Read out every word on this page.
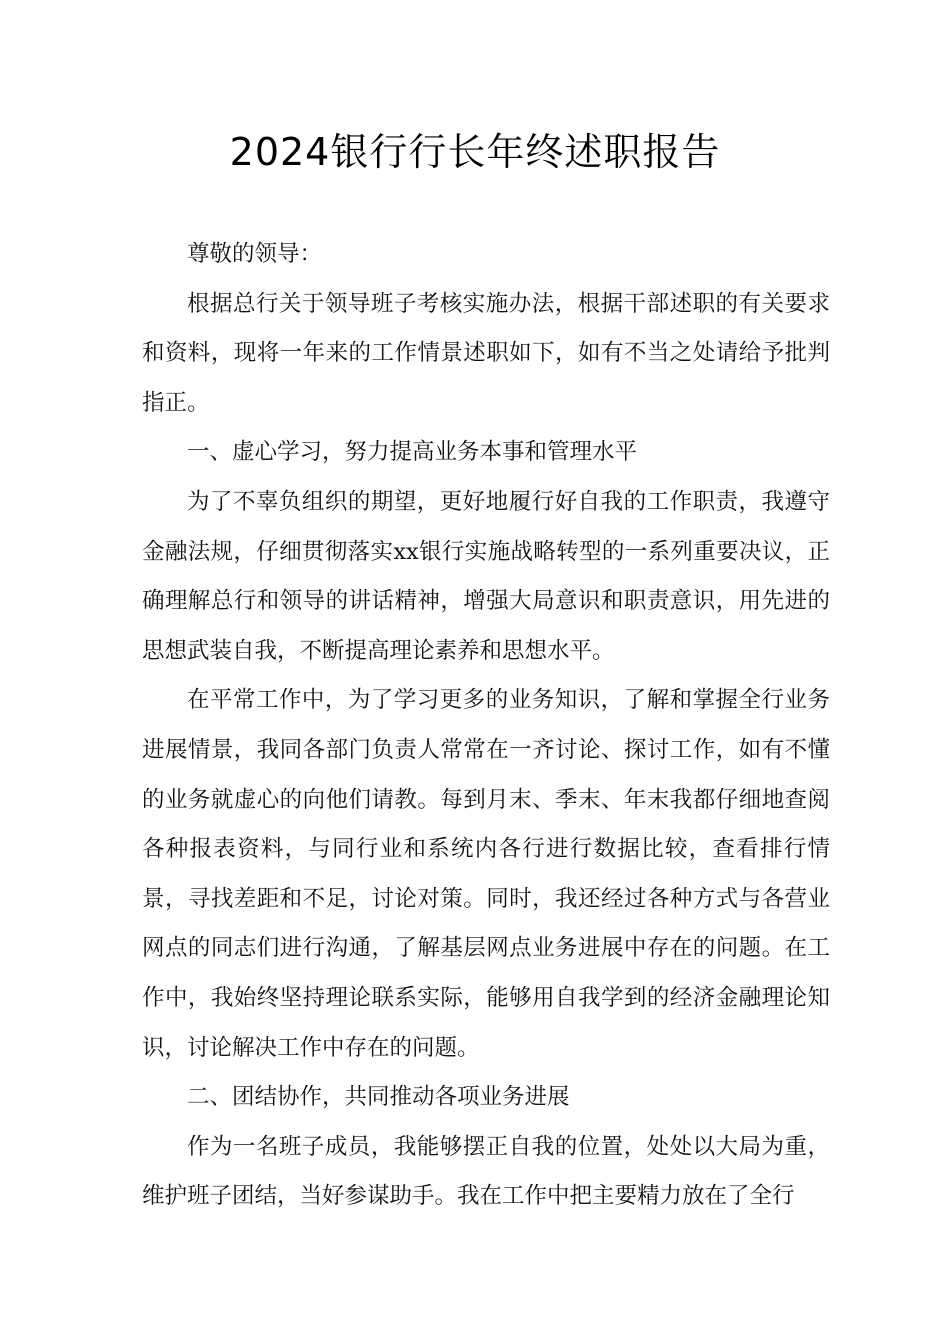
2024银行行长年终述职报告

尊敬的领导：

根据总行关于领导班子考核实施办法，根据干部述职的有关要求和资料，现将一年来的工作情景述职如下，如有不当之处请给予批判指正。

一、虚心学习，努力提高业务本事和管理水平

为了不辜负组织的期望，更好地履行好自我的工作职责，我遵守金融法规，仔细贯彻落实xx银行实施战略转型的一系列重要决议，正确理解总行和领导的讲话精神，增强大局意识和职责意识，用先进的思想武装自我，不断提高理论素养和思想水平。

在平常工作中，为了学习更多的业务知识，了解和掌握全行业务进展情景，我同各部门负责人常常在一齐讨论、探讨工作，如有不懂的业务就虚心的向他们请教。每到月末、季末、年末我都仔细地查阅各种报表资料，与同行业和系统内各行进行数据比较，查看排行情景，寻找差距和不足，讨论对策。同时，我还经过各种方式与各营业网点的同志们进行沟通，了解基层网点业务进展中存在的问题。在工作中，我始终坚持理论联系实际，能够用自我学到的经济金融理论知识，讨论解决工作中存在的问题。

二、团结协作，共同推动各项业务进展

作为一名班子成员，我能够摆正自我的位置，处处以大局为重，维护班子团结，当好参谋助手。我在工作中把主要精力放在了全行
